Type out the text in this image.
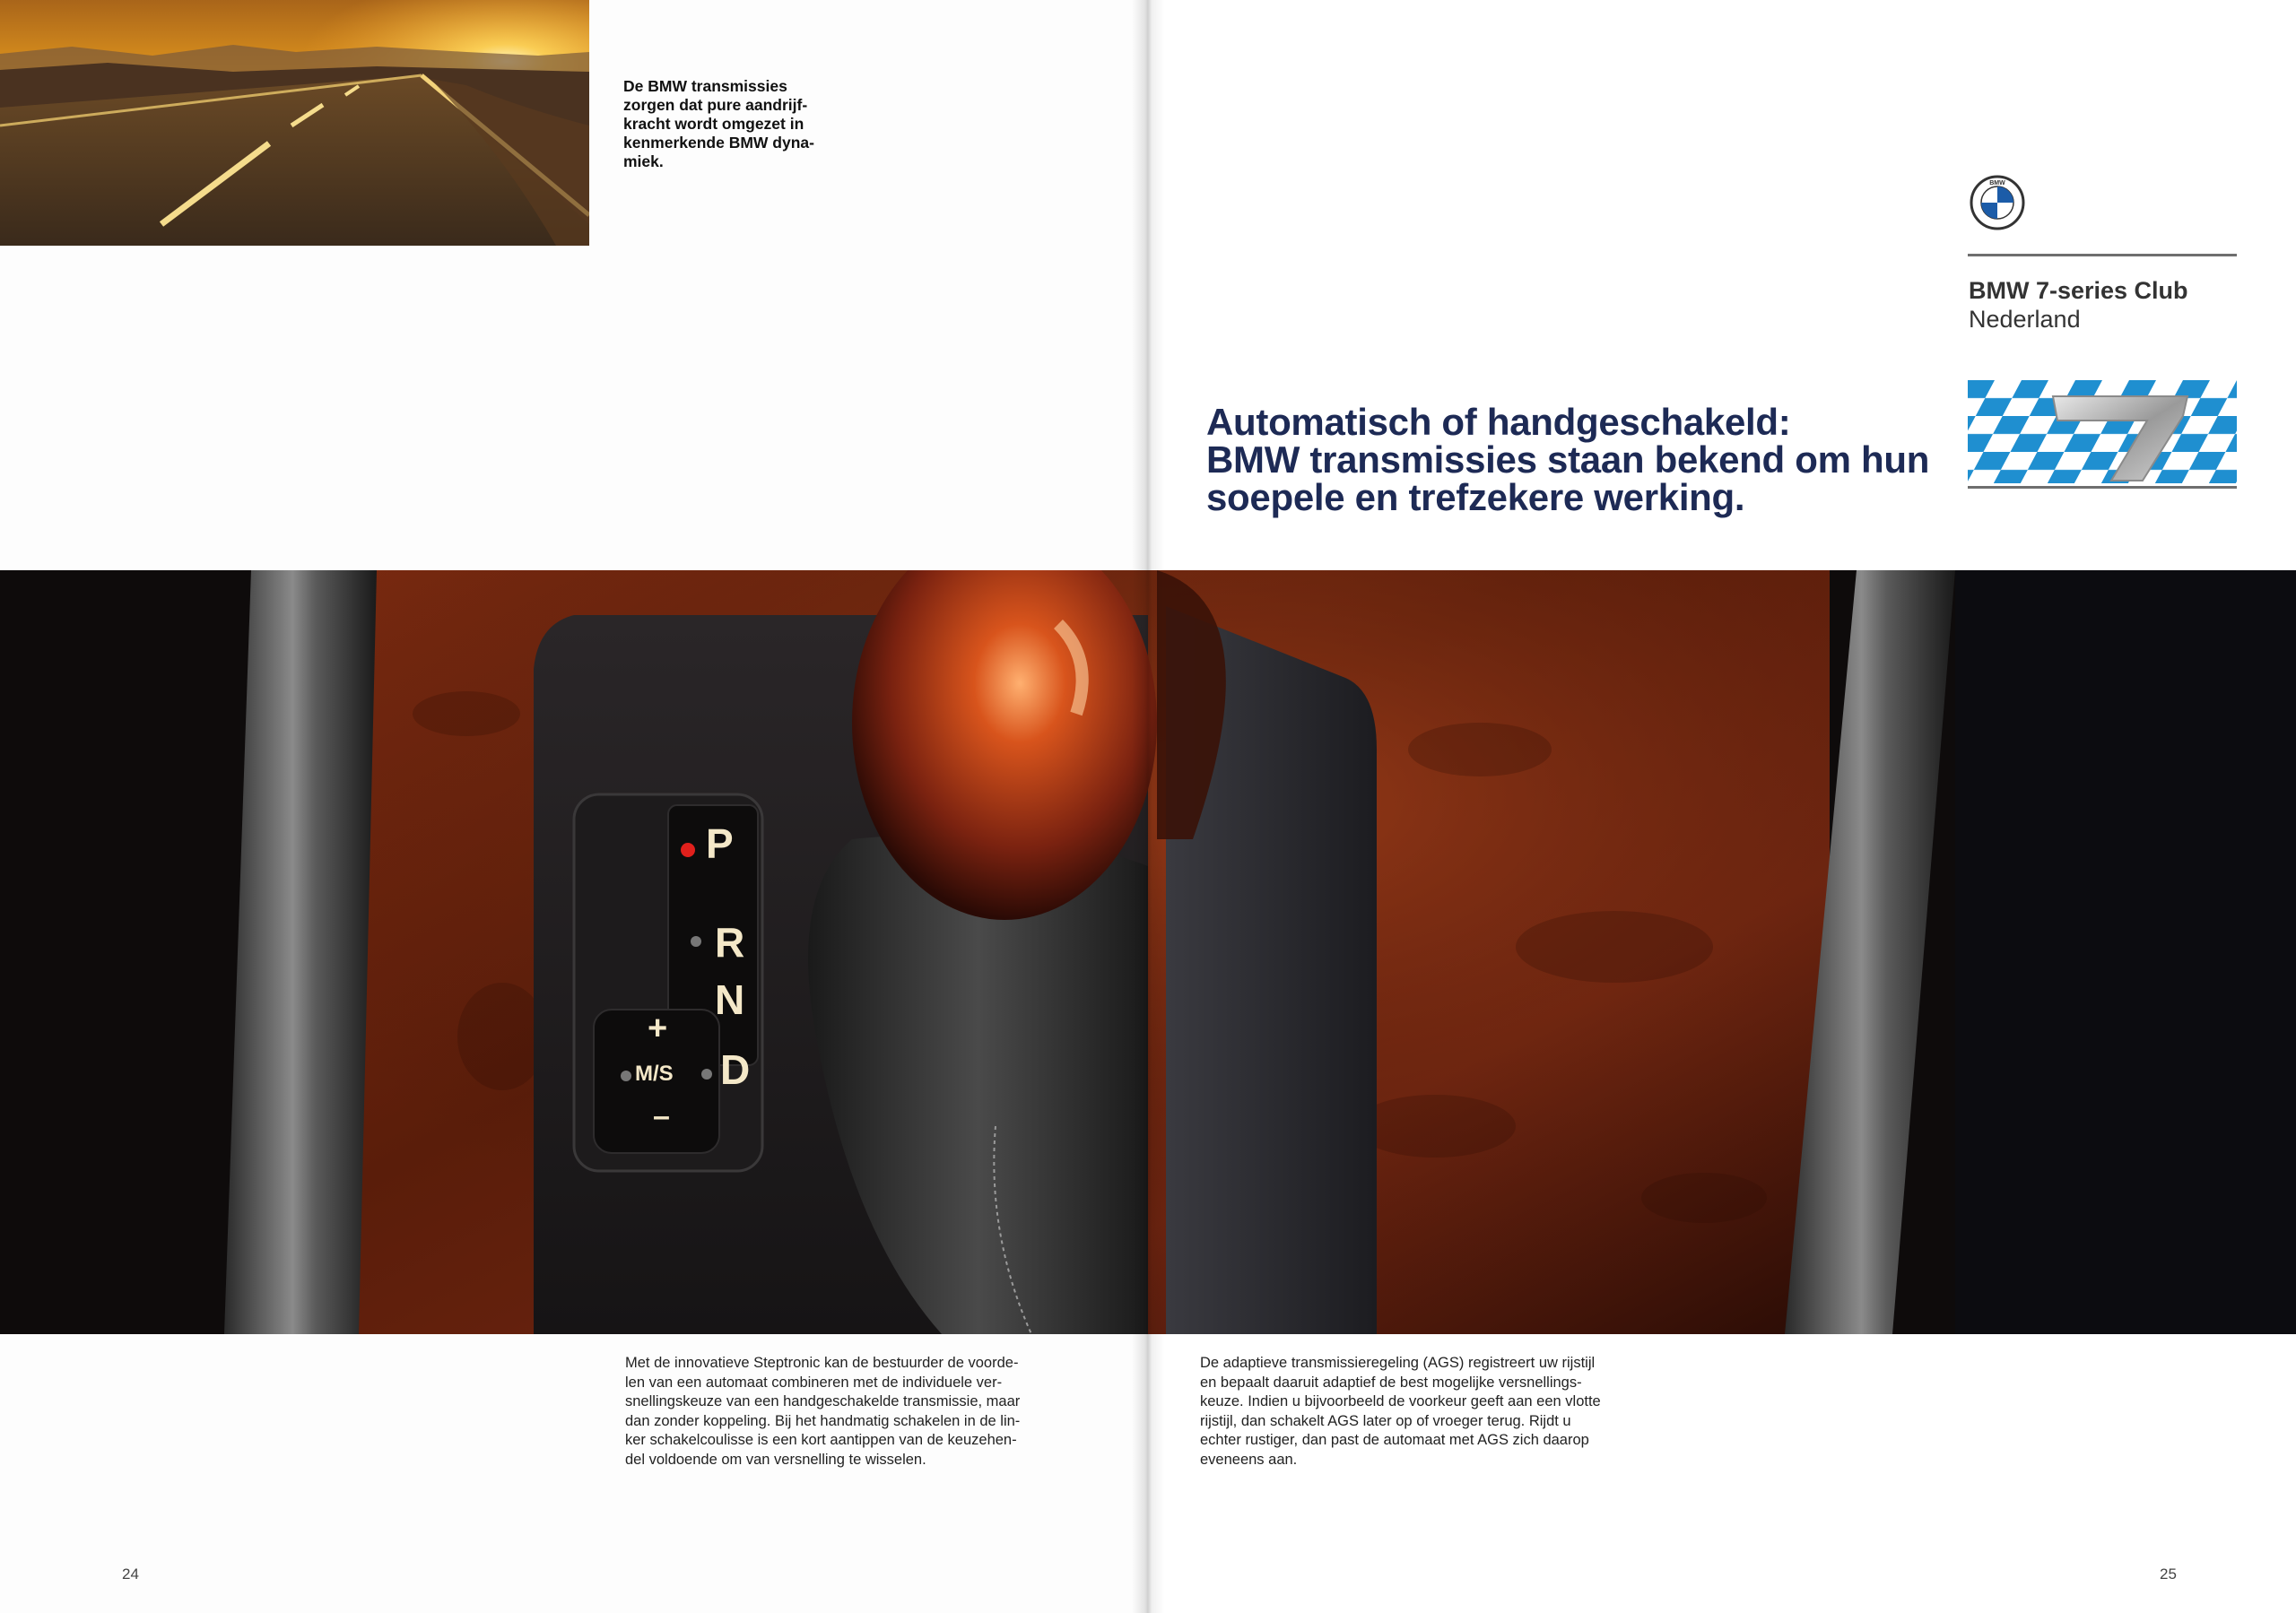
De BMW transmissies
zorgen dat pure aandrijf-
kracht wordt omgezet in
kenmerkende BMW dyna-
miek.
BMW
BMW 7-series Club
Nederland
Automatisch of handgeschakeld:
BMW transmissies staan bekend om hun
soepele en trefzekere werking.
P
R
N
D
+
M/S
–
Met de innovatieve Steptronic kan de bestuurder de voorde-
len van een automaat combineren met de individuele ver-
snellingskeuze van een handgeschakelde transmissie, maar
dan zonder koppeling. Bij het handmatig schakelen in de lin-
ker schakelcoulisse is een kort aantippen van de keuzehen-
del voldoende om van versnelling te wisselen.
De adaptieve transmissieregeling (AGS) registreert uw rijstijl
en bepaalt daaruit adaptief de best mogelijke versnellings-
keuze. Indien u bijvoorbeeld de voorkeur geeft aan een vlotte
rijstijl, dan schakelt AGS later op of vroeger terug. Rijdt u
echter rustiger, dan past de automaat met AGS zich daarop
eveneens aan.
24	25
